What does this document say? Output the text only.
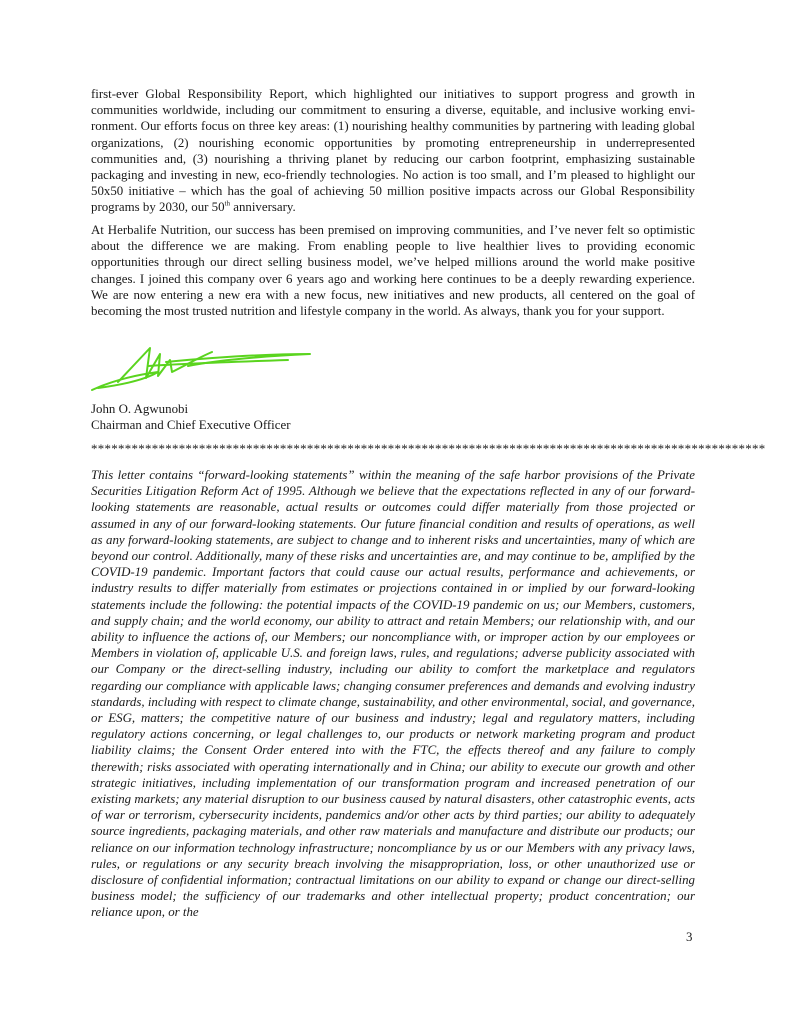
first-ever Global Responsibility Report, which highlighted our initiatives to support progress and growth in communities worldwide, including our commitment to ensuring a diverse, equitable, and inclusive working environment. Our efforts focus on three key areas: (1) nourishing healthy communities by partnering with leading global organizations, (2) nourishing economic opportunities by promoting entrepreneurship in underrepresented communities and, (3) nourishing a thriving planet by reducing our carbon footprint, emphasizing sustainable packaging and investing in new, eco-friendly technologies. No action is too small, and I’m pleased to highlight our 50x50 initiative – which has the goal of achieving 50 million positive impacts across our Global Responsibility programs by 2030, our 50th anniversary.

At Herbalife Nutrition, our success has been premised on improving communities, and I’ve never felt so optimistic about the difference we are making. From enabling people to live healthier lives to providing economic opportunities through our direct selling business model, we’ve helped millions around the world make positive changes. I joined this company over 6 years ago and working here continues to be a deeply rewarding experience. We are now entering a new era with a new focus, new initiatives and new products, all centered on the goal of becoming the most trusted nutrition and lifestyle company in the world. As always, thank you for your support.

John O. Agwunobi
Chairman and Chief Executive Officer
****************************************************************************************************

This letter contains “forward-looking statements” within the meaning of the safe harbor provisions of the Private Securities Litigation Reform Act of 1995. Although we believe that the expectations reflected in any of our forward-looking statements are reasonable, actual results or outcomes could differ materially from those projected or assumed in any of our forward-looking statements. Our future financial condition and results of operations, as well as any forward-looking statements, are subject to change and to inherent risks and uncertainties, many of which are beyond our control. Additionally, many of these risks and uncertainties are, and may continue to be, amplified by the COVID-19 pandemic. Important factors that could cause our actual results, performance and achievements, or industry results to differ materially from estimates or projections contained in or implied by our forward-looking statements include the following: the potential impacts of the COVID-19 pandemic on us; our Members, customers, and supply chain; and the world economy, our ability to attract and retain Members; our relationship with, and our ability to influence the actions of, our Members; our noncompliance with, or improper action by our employees or Members in violation of, applicable U.S. and foreign laws, rules, and regulations; adverse publicity associated with our Company or the direct-selling industry, including our ability to comfort the marketplace and regulators regarding our compliance with applicable laws; changing consumer preferences and demands and evolving industry standards, including with respect to climate change, sustainability, and other environmental, social, and governance, or ESG, matters; the competitive nature of our business and industry; legal and regulatory matters, including regulatory actions concerning, or legal challenges to, our products or network marketing program and product liability claims; the Consent Order entered into with the FTC, the effects thereof and any failure to comply therewith; risks associated with operating internationally and in China; our ability to execute our growth and other strategic initiatives, including implementation of our transformation program and increased penetration of our existing markets; any material disruption to our business caused by natural disasters, other catastrophic events, acts of war or terrorism, cybersecurity incidents, pandemics and/or other acts by third parties; our ability to adequately source ingredients, packaging materials, and other raw materials and manufacture and distribute our products; our reliance on our information technology infrastructure; noncompliance by us or our Members with any privacy laws, rules, or regulations or any security breach involving the misappropriation, loss, or other unauthorized use or disclosure of confidential information; contractual limitations on our ability to expand or change our direct-selling business model; the sufficiency of our trademarks and other intellectual property; product concentration; our reliance upon, or the

3
